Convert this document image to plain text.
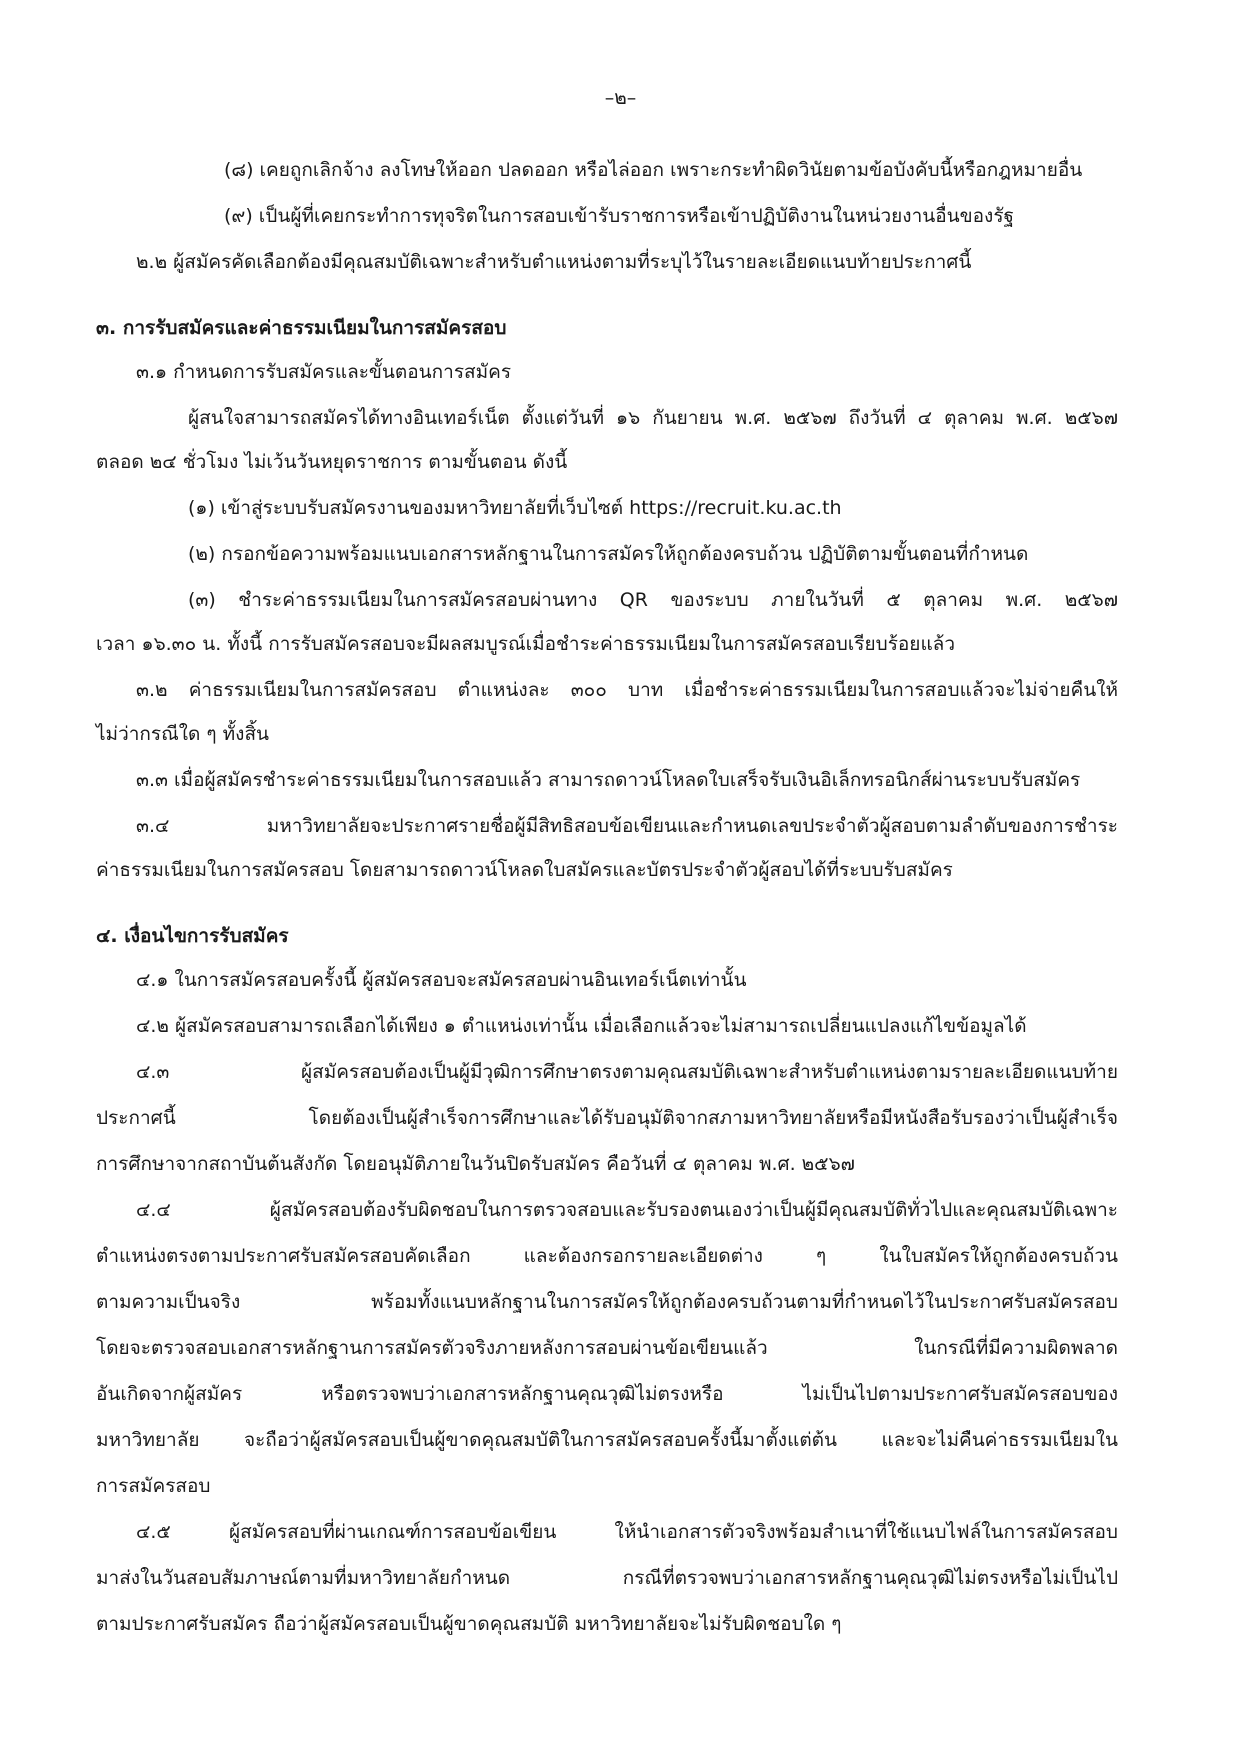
–๒–
(๘) เคยถูกเลิกจ้าง ลงโทษให้ออก ปลดออก หรือไล่ออก เพราะกระทำผิดวินัยตามข้อบังคับนี้หรือกฎหมายอื่น
(๙) เป็นผู้ที่เคยกระทำการทุจริตในการสอบเข้ารับราชการหรือเข้าปฏิบัติงานในหน่วยงานอื่นของรัฐ
๒.๒ ผู้สมัครคัดเลือกต้องมีคุณสมบัติเฉพาะสำหรับตำแหน่งตามที่ระบุไว้ในรายละเอียดแนบท้ายประกาศนี้
๓. การรับสมัครและค่าธรรมเนียมในการสมัครสอบ
๓.๑ กำหนดการรับสมัครและขั้นตอนการสมัคร
ผู้สนใจสามารถสมัครได้ทางอินเทอร์เน็ต ตั้งแต่วันที่ ๑๖ กันยายน พ.ศ. ๒๕๖๗ ถึงวันที่ ๔ ตุลาคม พ.ศ. ๒๕๖๗
ตลอด ๒๔ ชั่วโมง ไม่เว้นวันหยุดราชการ ตามขั้นตอน ดังนี้
(๑) เข้าสู่ระบบรับสมัครงานของมหาวิทยาลัยที่เว็บไซต์ https://recruit.ku.ac.th
(๒) กรอกข้อความพร้อมแนบเอกสารหลักฐานในการสมัครให้ถูกต้องครบถ้วน ปฏิบัติตามขั้นตอนที่กำหนด
(๓) ชำระค่าธรรมเนียมในการสมัครสอบผ่านทาง QR ของระบบ ภายในวันที่ ๕ ตุลาคม พ.ศ. ๒๕๖๗
เวลา ๑๖.๓๐ น. ทั้งนี้ การรับสมัครสอบจะมีผลสมบูรณ์เมื่อชำระค่าธรรมเนียมในการสมัครสอบเรียบร้อยแล้ว
๓.๒ ค่าธรรมเนียมในการสมัครสอบ ตำแหน่งละ ๓๐๐ บาท เมื่อชำระค่าธรรมเนียมในการสอบแล้วจะไม่จ่ายคืนให้
ไม่ว่ากรณีใด ๆ ทั้งสิ้น
๓.๓ เมื่อผู้สมัครชำระค่าธรรมเนียมในการสอบแล้ว สามารถดาวน์โหลดใบเสร็จรับเงินอิเล็กทรอนิกส์ผ่านระบบรับสมัคร
๓.๔ มหาวิทยาลัยจะประกาศรายชื่อผู้มีสิทธิสอบข้อเขียนและกำหนดเลขประจำตัวผู้สอบตามลำดับของการชำระ
ค่าธรรมเนียมในการสมัครสอบ โดยสามารถดาวน์โหลดใบสมัครและบัตรประจำตัวผู้สอบได้ที่ระบบรับสมัคร
๔. เงื่อนไขการรับสมัคร
๔.๑ ในการสมัครสอบครั้งนี้ ผู้สมัครสอบจะสมัครสอบผ่านอินเทอร์เน็ตเท่านั้น
๔.๒ ผู้สมัครสอบสามารถเลือกได้เพียง ๑ ตำแหน่งเท่านั้น เมื่อเลือกแล้วจะไม่สามารถเปลี่ยนแปลงแก้ไขข้อมูลได้
๔.๓ ผู้สมัครสอบต้องเป็นผู้มีวุฒิการศึกษาตรงตามคุณสมบัติเฉพาะสำหรับตำแหน่งตามรายละเอียดแนบท้าย
ประกาศนี้ โดยต้องเป็นผู้สำเร็จการศึกษาและได้รับอนุมัติจากสภามหาวิทยาลัยหรือมีหนังสือรับรองว่าเป็นผู้สำเร็จ
การศึกษาจากสถาบันต้นสังกัด โดยอนุมัติภายในวันปิดรับสมัคร คือวันที่ ๔ ตุลาคม พ.ศ. ๒๕๖๗
๔.๔ ผู้สมัครสอบต้องรับผิดชอบในการตรวจสอบและรับรองตนเองว่าเป็นผู้มีคุณสมบัติทั่วไปและคุณสมบัติเฉพาะ
ตำแหน่งตรงตามประกาศรับสมัครสอบคัดเลือก และต้องกรอกรายละเอียดต่าง ๆ ในใบสมัครให้ถูกต้องครบถ้วน
ตามความเป็นจริง พร้อมทั้งแนบหลักฐานในการสมัครให้ถูกต้องครบถ้วนตามที่กำหนดไว้ในประกาศรับสมัครสอบ
โดยจะตรวจสอบเอกสารหลักฐานการสมัครตัวจริงภายหลังการสอบผ่านข้อเขียนแล้ว ในกรณีที่มีความผิดพลาด
อันเกิดจากผู้สมัคร หรือตรวจพบว่าเอกสารหลักฐานคุณวุฒิไม่ตรงหรือ ไม่เป็นไปตามประกาศรับสมัครสอบของ
มหาวิทยาลัย จะถือว่าผู้สมัครสอบเป็นผู้ขาดคุณสมบัติในการสมัครสอบครั้งนี้มาตั้งแต่ต้น และจะไม่คืนค่าธรรมเนียมใน
การสมัครสอบ
๔.๕ ผู้สมัครสอบที่ผ่านเกณฑ์การสอบข้อเขียน ให้นำเอกสารตัวจริงพร้อมสำเนาที่ใช้แนบไฟล์ในการสมัครสอบ
มาส่งในวันสอบสัมภาษณ์ตามที่มหาวิทยาลัยกำหนด กรณีที่ตรวจพบว่าเอกสารหลักฐานคุณวุฒิไม่ตรงหรือไม่เป็นไป
ตามประกาศรับสมัคร ถือว่าผู้สมัครสอบเป็นผู้ขาดคุณสมบัติ มหาวิทยาลัยจะไม่รับผิดชอบใด ๆ
